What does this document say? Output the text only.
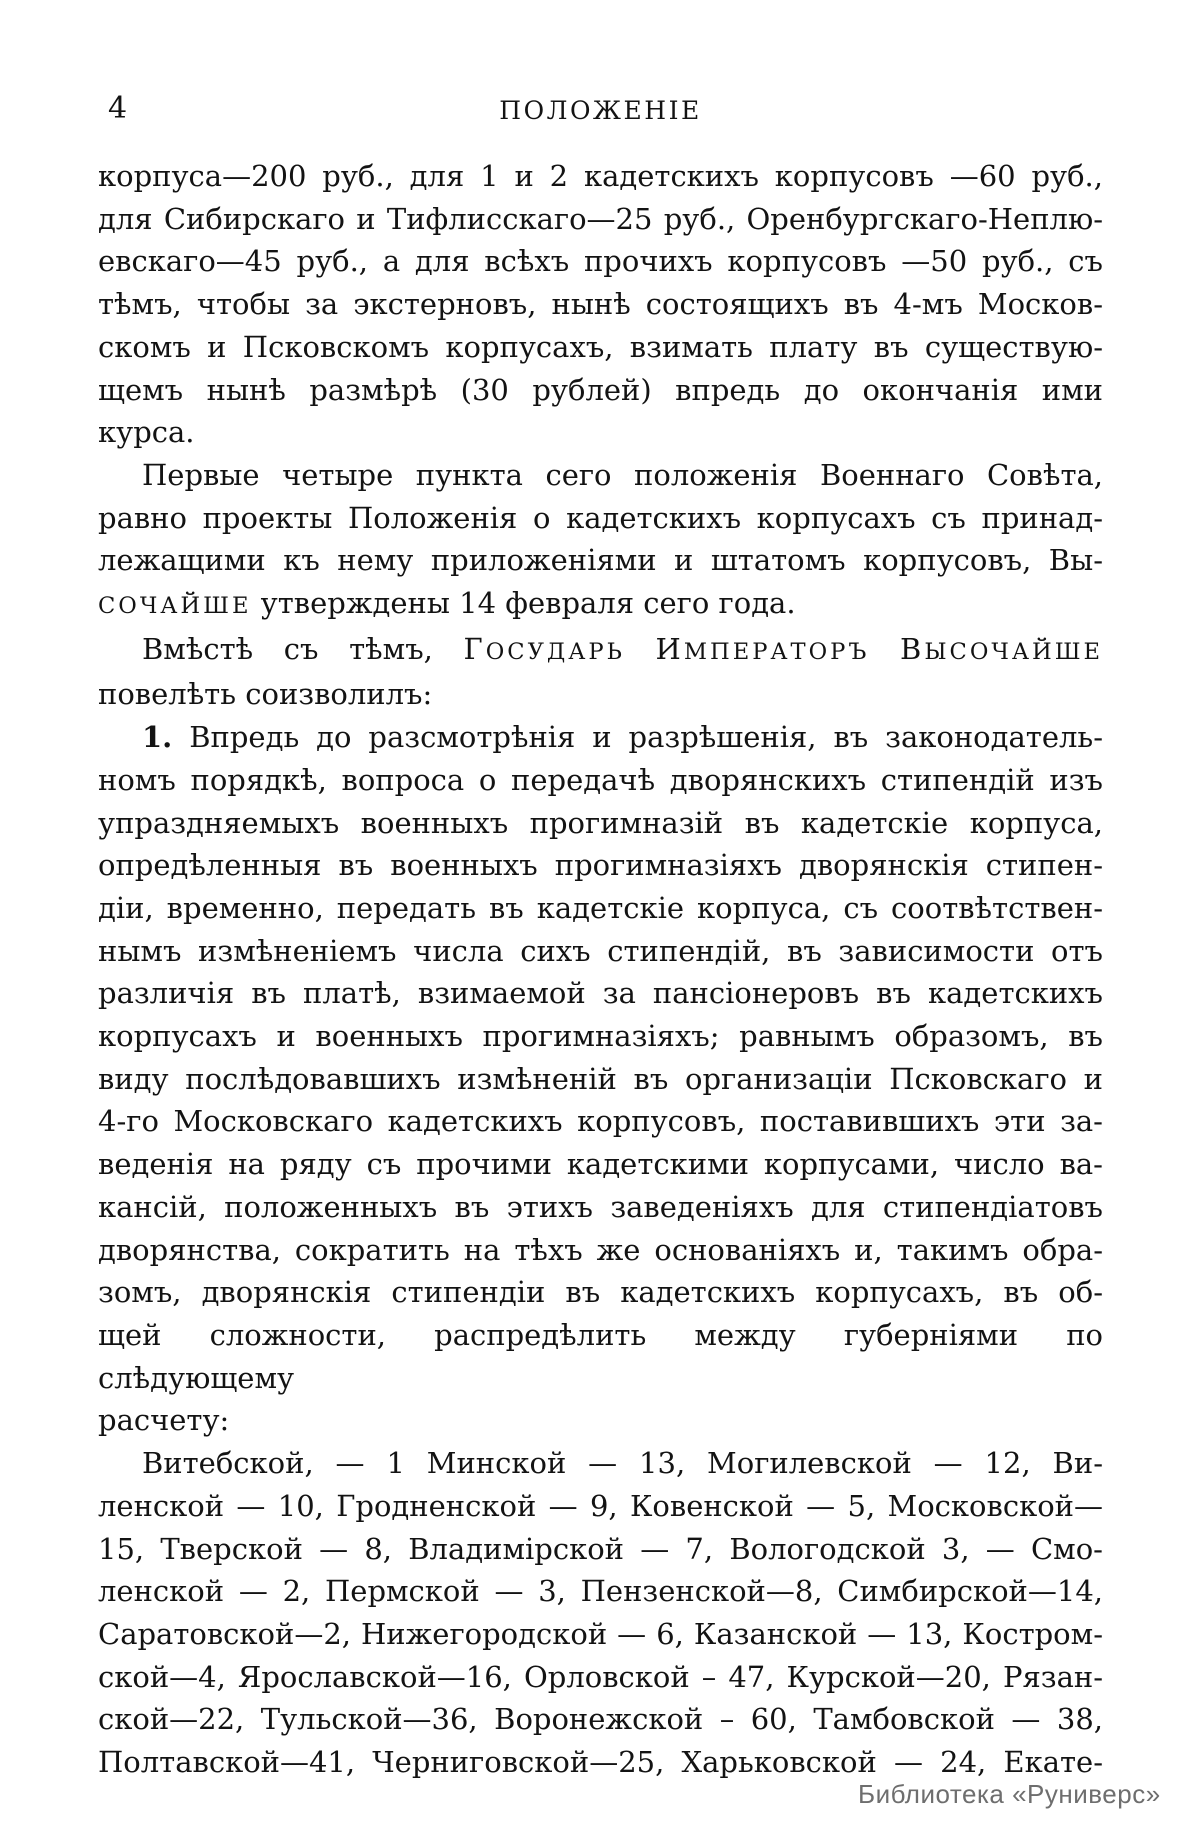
4	ПОЛОЖЕНІЕ
корпуса—200 руб., для 1 и 2 кадетскихъ корпусовъ —60 руб.,
для Сибирскаго и Тифлисскаго—25 руб., Оренбургскаго-Неплю-
евскаго—45 руб., а для всѣхъ прочихъ корпусовъ —50 руб., съ
тѣмъ, чтобы за экстерновъ, нынѣ состоящихъ въ 4-мъ Москов-
скомъ и Псковскомъ корпусахъ, взимать плату въ существую-
щемъ нынѣ размѣрѣ (30 рублей) впредь до окончанія ими
курса.
Первые четыре пункта сего положенія Военнаго Совѣта,
равно проекты Положенія о кадетскихъ корпусахъ съ принад-
лежащими къ нему приложеніями и штатомъ корпусовъ, Вы-
СОЧАЙШЕ утверждены 14 февраля сего года.
Вмѣстѣ съ тѣмъ, ГОСУДАРЬ ИМПЕРАТОРЪ ВЫСОЧАЙШЕ
повелѣть соизволилъ:
1. Впредь до разсмотрѣнія и разрѣшенія, въ законодатель-
номъ порядкѣ, вопроса о передачѣ дворянскихъ стипендій изъ
упраздняемыхъ военныхъ прогимназій въ кадетскіе корпуса,
опредѣленныя въ военныхъ прогимназіяхъ дворянскія стипен-
діи, временно, передать въ кадетскіе корпуса, съ соотвѣтствен-
нымъ измѣненіемъ числа сихъ стипендій, въ зависимости отъ
различія въ платѣ, взимаемой за пансіонеровъ въ кадетскихъ
корпусахъ и военныхъ прогимназіяхъ; равнымъ образомъ, въ
виду послѣдовавшихъ измѣненій въ организаціи Псковскаго и
4-го Московскаго кадетскихъ корпусовъ, поставившихъ эти за-
веденія на ряду съ прочими кадетскими корпусами, число ва-
кансій, положенныхъ въ этихъ заведеніяхъ для стипендіатовъ
дворянства, сократить на тѣхъ же основаніяхъ и, такимъ обра-
зомъ, дворянскія стипендіи въ кадетскихъ корпусахъ, въ об-
щей сложности, распредѣлить между губерніями по слѣдующему
расчету:
Витебской, — 1 Минской — 13, Могилевской — 12, Ви-
ленской — 10, Гродненской — 9, Ковенской — 5, Московской—
15, Тверской — 8, Владимірской — 7, Вологодской 3, — Смо-
ленской — 2, Пермской — 3, Пензенской—8, Симбирской—14,
Саратовской—2, Нижегородской — 6, Казанской — 13, Костром-
ской—4, Ярославской—16, Орловской – 47, Курской—20, Рязан-
ской—22, Тульской—36, Воронежской – 60, Тамбовской — 38,
Полтавской—41, Черниговской—25, Харьковской — 24, Екате-
Библиотека «Руниверс»
